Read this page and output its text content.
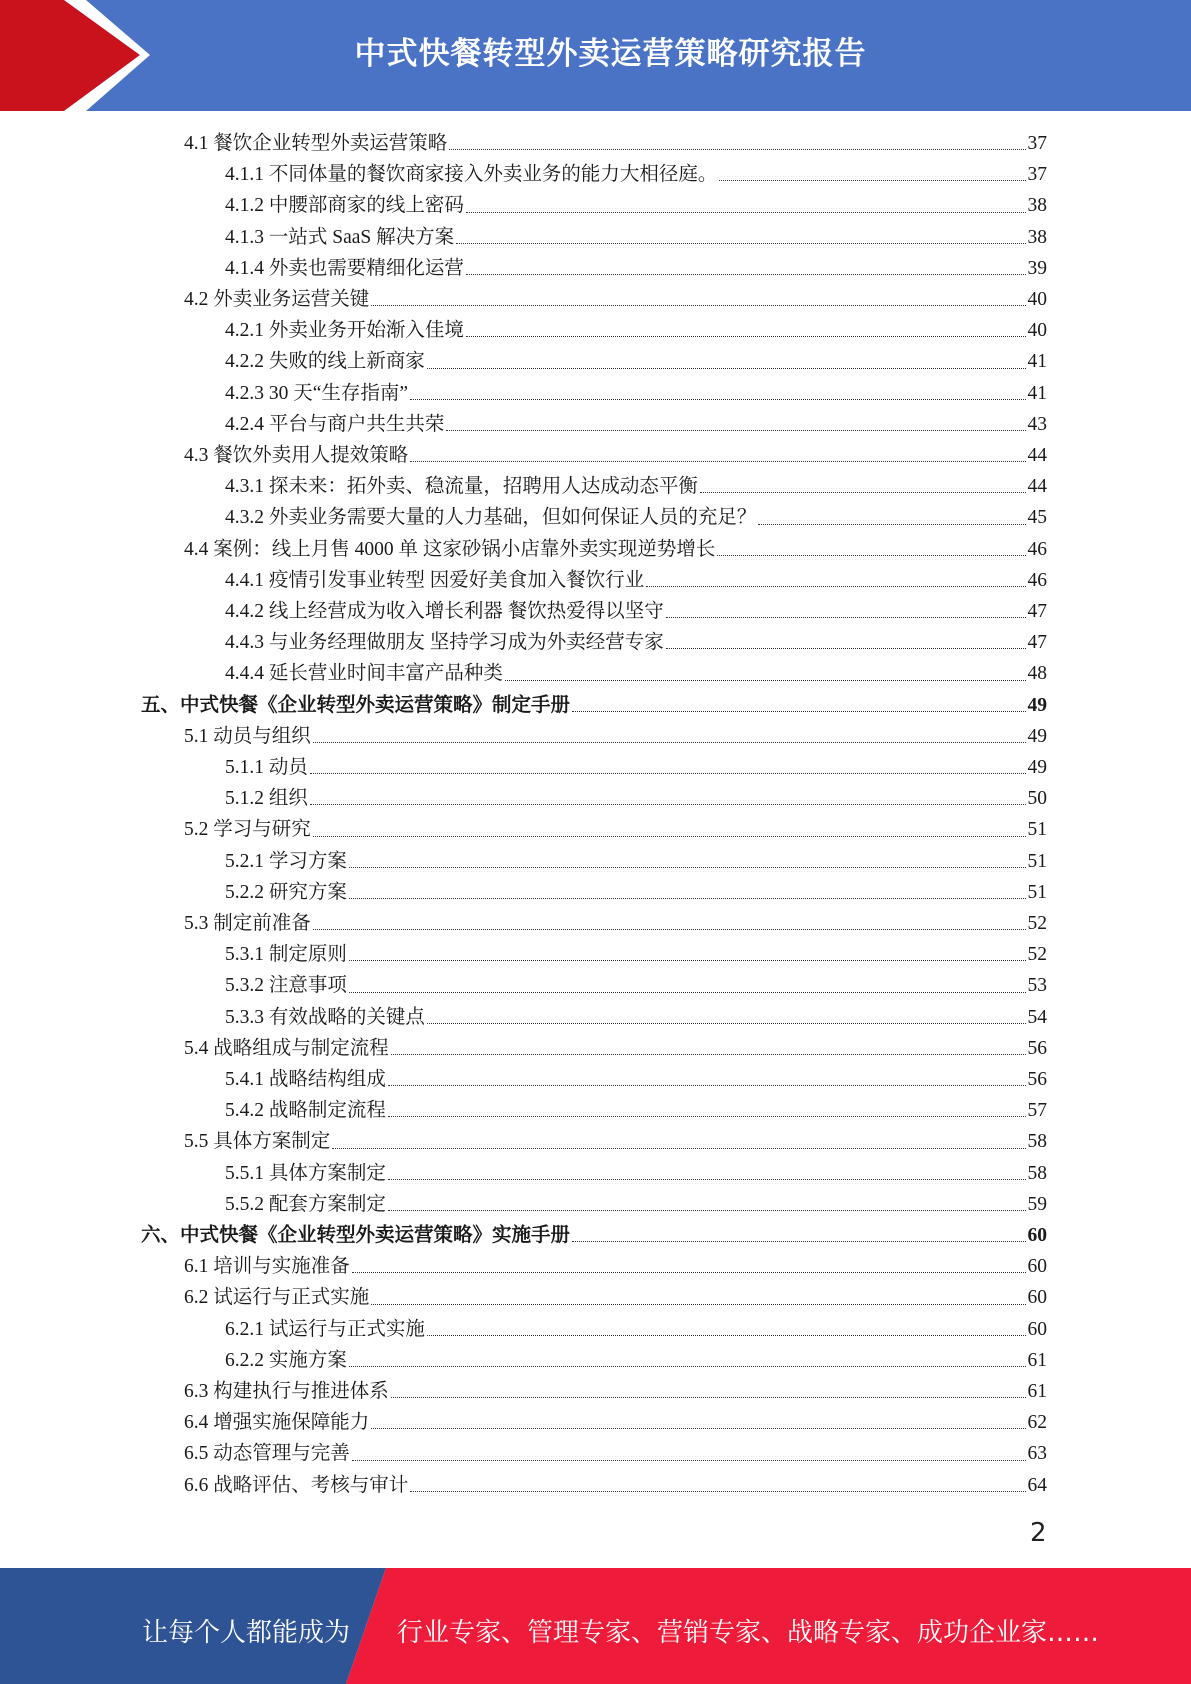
中式快餐转型外卖运营策略研究报告
4.1 餐饮企业转型外卖运营策略	37
4.1.1 不同体量的餐饮商家接入外卖业务的能力大相径庭。	37
4.1.2 中腰部商家的线上密码	38
4.1.3 一站式 SaaS 解决方案	38
4.1.4 外卖也需要精细化运营	39
4.2 外卖业务运营关键	40
4.2.1 外卖业务开始渐入佳境	40
4.2.2 失败的线上新商家	41
4.2.3 30 天“生存指南”	41
4.2.4 平台与商户共生共荣	43
4.3 餐饮外卖用人提效策略	44
4.3.1 探未来：拓外卖、稳流量，招聘用人达成动态平衡	44
4.3.2 外卖业务需要大量的人力基础，但如何保证人员的充足？	45
4.4 案例：线上月售 4000 单 这家砂锅小店靠外卖实现逆势增长	46
4.4.1 疫情引发事业转型 因爱好美食加入餐饮行业	46
4.4.2 线上经营成为收入增长利器 餐饮热爱得以坚守	47
4.4.3 与业务经理做朋友 坚持学习成为外卖经营专家	47
4.4.4 延长营业时间丰富产品种类	48
五、中式快餐《企业转型外卖运营策略》制定手册	49
5.1 动员与组织	49
5.1.1 动员	49
5.1.2 组织	50
5.2 学习与研究	51
5.2.1 学习方案	51
5.2.2 研究方案	51
5.3 制定前准备	52
5.3.1 制定原则	52
5.3.2 注意事项	53
5.3.3 有效战略的关键点	54
5.4 战略组成与制定流程	56
5.4.1 战略结构组成	56
5.4.2 战略制定流程	57
5.5 具体方案制定	58
5.5.1 具体方案制定	58
5.5.2 配套方案制定	59
六、中式快餐《企业转型外卖运营策略》实施手册	60
6.1 培训与实施准备	60
6.2 试运行与正式实施	60
6.2.1 试运行与正式实施	60
6.2.2 实施方案	61
6.3 构建执行与推进体系	61
6.4 增强实施保障能力	62
6.5 动态管理与完善	63
6.6 战略评估、考核与审计	64
2
让每个人都能成为 行业专家、管理专家、营销专家、战略专家、成功企业家……
